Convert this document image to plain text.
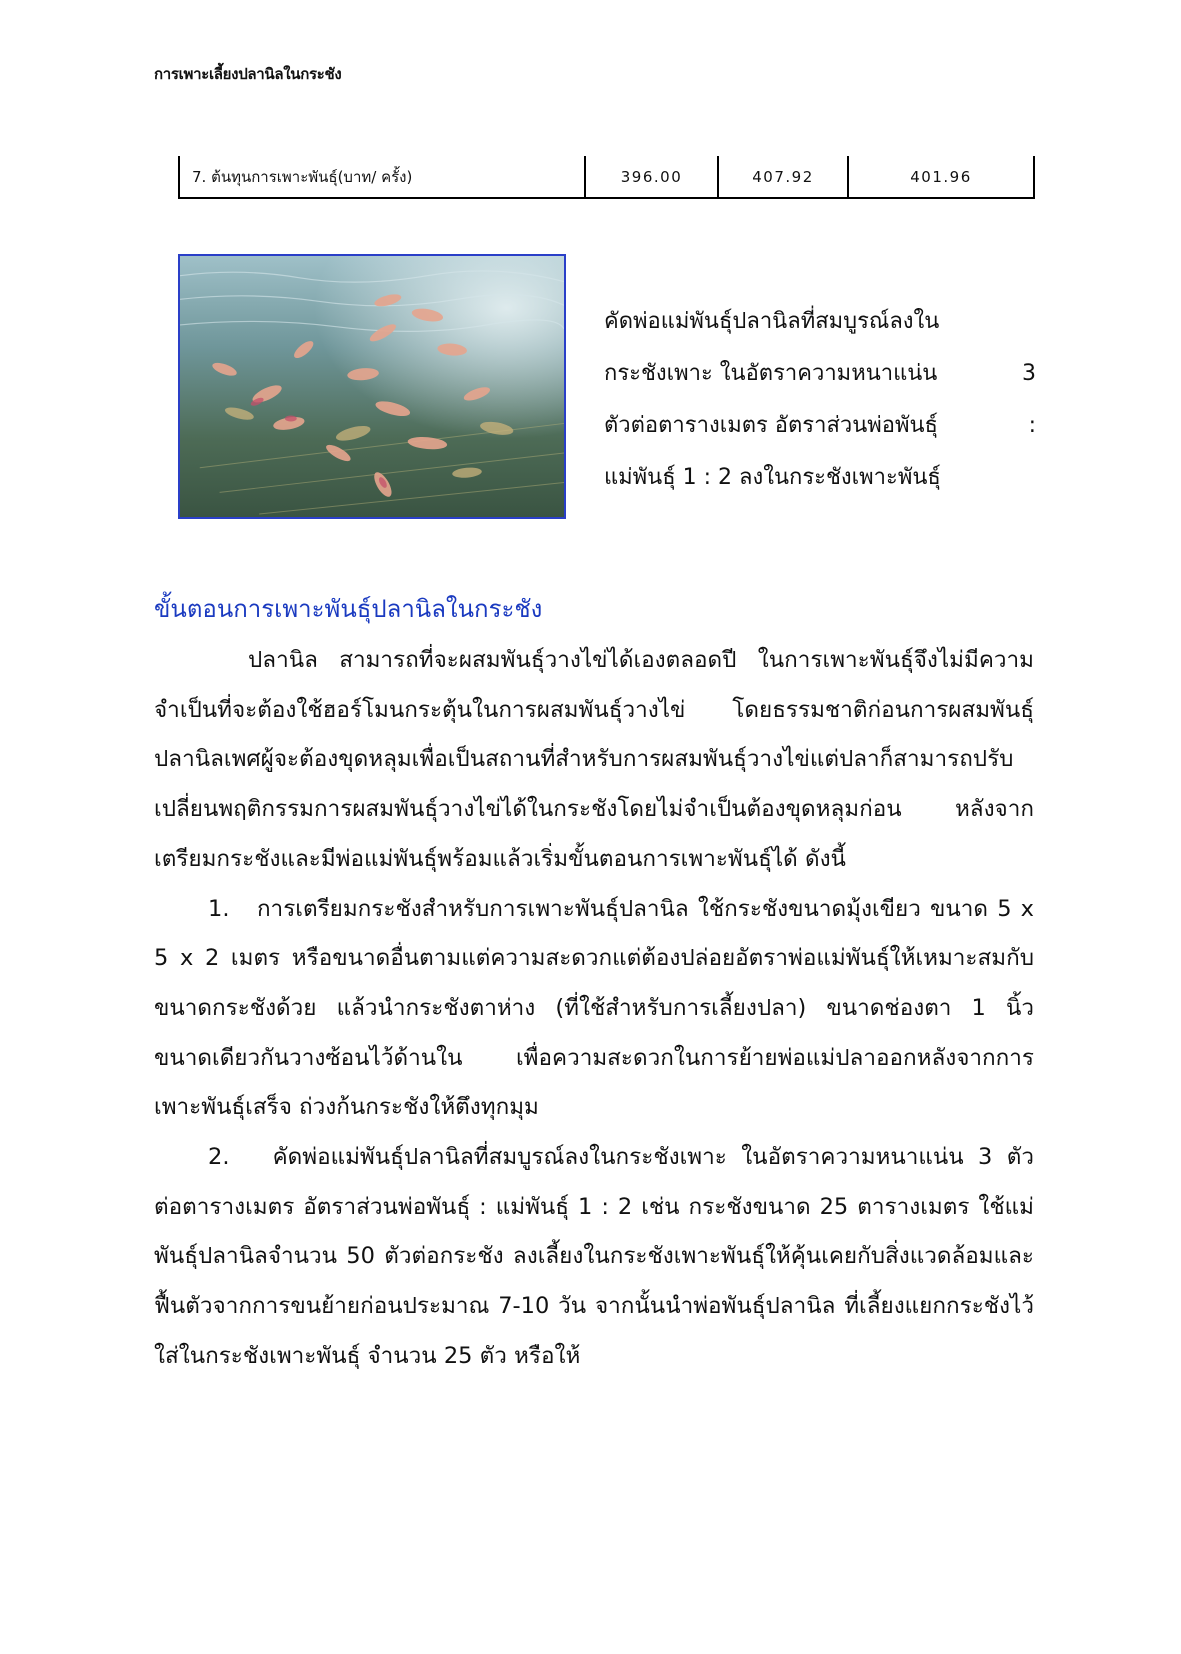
การเพาะเลี้ยงปลานิลในกระชัง
7. ต้นทุนการเพาะพันธุ์(บาท/ ครั้ง)	396.00	407.92	401.96

คัดพ่อแม่พันธุ์ปลานิลที่สมบูรณ์ลงใน

กระชังเพาะ ในอัตราความหนาแน่น	3

ตัวต่อตารางเมตร อัตราส่วนพ่อพันธุ์	:

แม่พันธุ์ 1 : 2 ลงในกระชังเพาะพันธุ์

ขั้นตอนการเพาะพันธุ์ปลานิลในกระชัง

ปลานิล สามารถที่จะผสมพันธุ์วางไข่ได้เองตลอดปี ในการเพาะพันธุ์จึงไม่มีความจำเป็นที่จะต้องใช้ฮอร์โมนกระตุ้นในการผสมพันธุ์วางไข่ โดยธรรมชาติก่อนการผสมพันธุ์ ปลานิลเพศผู้จะต้องขุดหลุมเพื่อเป็นสถานที่สำหรับการผสมพันธุ์วางไข่แต่ปลาก็สามารถปรับเปลี่ยนพฤติกรรมการผสมพันธุ์วางไข่ได้ในกระชังโดยไม่จำเป็นต้องขุดหลุมก่อน หลังจากเตรียมกระชังและมีพ่อแม่พันธุ์พร้อมแล้วเริ่มขั้นตอนการเพาะพันธุ์ได้ ดังนี้

1. การเตรียมกระชังสำหรับการเพาะพันธุ์ปลานิล ใช้กระชังขนาดมุ้งเขียว ขนาด 5 x 5 x 2 เมตร หรือขนาดอื่นตามแต่ความสะดวกแต่ต้องปล่อยอัตราพ่อแม่พันธุ์ให้เหมาะสมกับขนาดกระชังด้วย แล้วนำกระชังตาห่าง (ที่ใช้สำหรับการเลี้ยงปลา) ขนาดช่องตา 1 นิ้ว ขนาดเดียวกันวางซ้อนไว้ด้านใน เพื่อความสะดวกในการย้ายพ่อแม่ปลาออกหลังจากการเพาะพันธุ์เสร็จ ถ่วงก้นกระชังให้ตึงทุกมุม

2. คัดพ่อแม่พันธุ์ปลานิลที่สมบูรณ์ลงในกระชังเพาะ ในอัตราความหนาแน่น 3 ตัวต่อตารางเมตร อัตราส่วนพ่อพันธุ์ : แม่พันธุ์ 1 : 2 เช่น กระชังขนาด 25 ตารางเมตร ใช้แม่พันธุ์ปลานิลจำนวน 50 ตัวต่อกระชัง ลงเลี้ยงในกระชังเพาะพันธุ์ให้คุ้นเคยกับสิ่งแวดล้อมและฟื้นตัวจากการขนย้ายก่อนประมาณ 7-10 วัน จากนั้นนำพ่อพันธุ์ปลานิล ที่เลี้ยงแยกกระชังไว้ ใส่ในกระชังเพาะพันธุ์ จำนวน 25 ตัว หรือให้
